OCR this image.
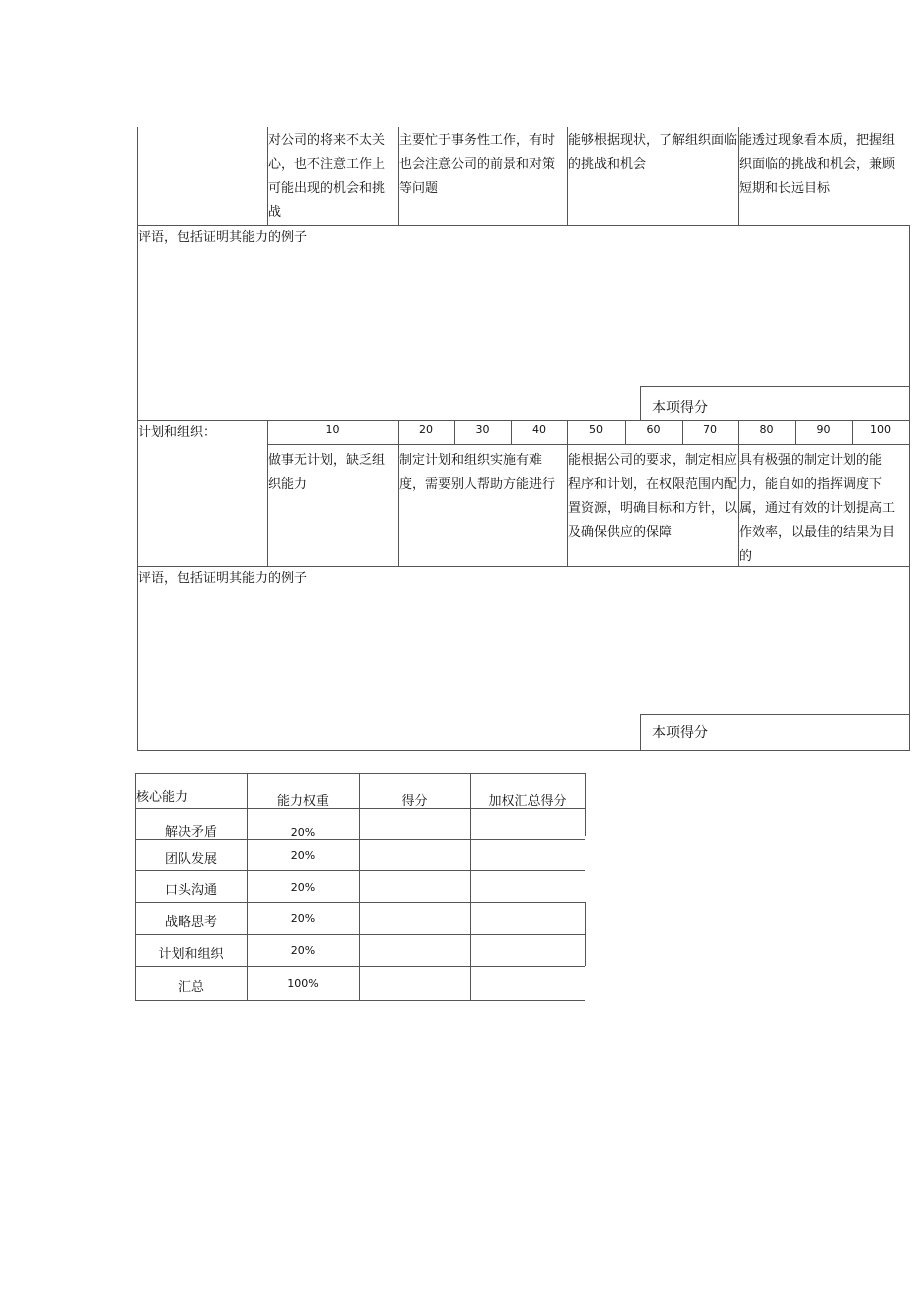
对公司的将来不太关心，也不注意工作上可能出现的机会和挑战
主要忙于事务性工作，有时也会注意公司的前景和对策等问题
能够根据现状，了解组织面临的挑战和机会
能透过现象看本质，把握组织面临的挑战和机会，兼顾短期和长远目标
评语，包括证明其能力的例子
本项得分
计划和组织：	10	20	30	40	50	60	70	80	90	100
做事无计划，缺乏组织能力
制定计划和组织实施有难度，需要别人帮助方能进行
能根据公司的要求，制定相应程序和计划，在权限范围内配置资源，明确目标和方针，以及确保供应的保障
具有极强的制定计划的能力，能自如的指挥调度下属，通过有效的计划提高工作效率，以最佳的结果为目的
评语，包括证明其能力的例子
本项得分
核心能力	能力权重	得分	加权汇总得分
解决矛盾	20%
团队发展	20%
口头沟通	20%
战略思考	20%
计划和组织	20%
汇总	100%
